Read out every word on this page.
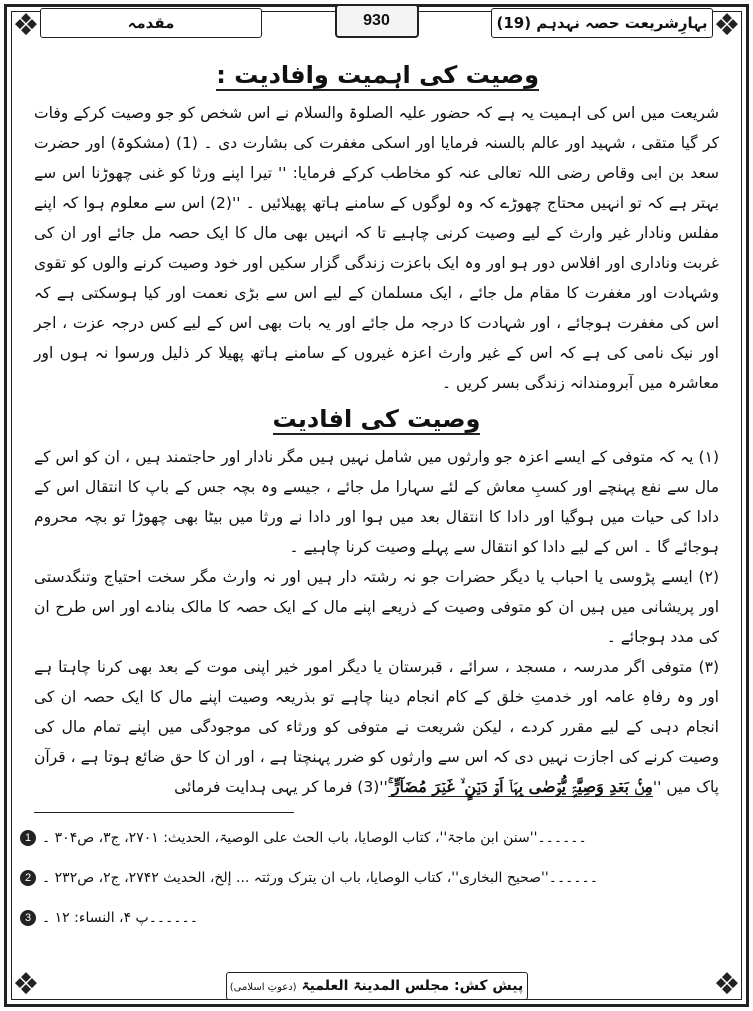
❖	❖
❖	❖
بہارِشریعت حصہ نہدہم (19)
930
مقدمہ
وصیت کی اہمیت وافادیت :

شریعت میں اس کی اہمیت یہ ہے کہ حضور علیہ الصلوۃ والسلام نے اس شخص کو جو وصیت کرکے وفات کر گیا متقی ، شہید اور عالم بالسنہ فرمایا اور اسکی مغفرت کی بشارت دی ۔ (1) (مشکوۃ) اور حضرت سعد بن ابی وقاص رضی اللہ تعالی عنہ کو مخاطب کرکے فرمایا: '' تیرا اپنے ورثا کو غنی چھوڑنا اس سے بہتر ہے کہ تو انہیں محتاج چھوڑے کہ وہ لوگوں کے سامنے ہاتھ پھیلائیں ۔ ''(2) اس سے معلوم ہوا کہ اپنے مفلس ونادار غیر وارث کے لیے وصیت کرنی چاہیے تا کہ انہیں بھی مال کا ایک حصہ مل جائے اور ان کی غربت وناداری اور افلاس دور ہو اور وہ ایک باعزت زندگی گزار سکیں اور خود وصیت کرنے والوں کو تقوی وشہادت اور مغفرت کا مقام مل جائے ، ایک مسلمان کے لیے اس سے بڑی نعمت اور کیا ہوسکتی ہے کہ اس کی مغفرت ہوجائے ، اور شہادت کا درجہ مل جائے اور یہ بات بھی اس کے لیے کس درجہ عزت ، اجر اور نیک نامی کی ہے کہ اس کے غیر وارث اعزہ غیروں کے سامنے ہاتھ پھیلا کر ذلیل ورسوا نہ ہوں اور معاشرہ میں آبرومندانہ زندگی بسر کریں ۔

وصیت کی افادیت

(۱) یہ کہ متوفی کے ایسے اعزہ جو وارثوں میں شامل نہیں ہیں مگر نادار اور حاجتمند ہیں ، ان کو اس کے مال سے نفع پہنچے اور کسبِ معاش کے لئے سہارا مل جائے ، جیسے وہ بچہ جس کے باپ کا انتقال اس کے دادا کی حیات میں ہوگیا اور دادا کا انتقال بعد میں ہوا اور دادا نے ورثا میں بیٹا بھی چھوڑا تو بچہ محروم ہوجائے گا ۔ اس کے لیے دادا کو انتقال سے پہلے وصیت کرنا چاہیے ۔

(۲) ایسے پڑوسی یا احباب یا دیگر حضرات جو نہ رشتہ دار ہیں اور نہ وارث مگر سخت احتیاج وتنگدستی اور پریشانی میں ہیں ان کو متوفی وصیت کے ذریعے اپنے مال کے ایک حصہ کا مالک بنادے اور اس طرح ان کی مدد ہوجائے ۔

(۳) متوفی اگر مدرسہ ، مسجد ، سرائے ، قبرستان یا دیگر امور خیر اپنی موت کے بعد بھی کرنا چاہتا ہے اور وہ رفاہِ عامہ اور خدمتِ خلق کے کام انجام دینا چاہے تو بذریعہ وصیت اپنے مال کا ایک حصہ ان کی انجام دہی کے لیے مقرر کردے ، لیکن شریعت نے متوفی کو ورثاء کی موجودگی میں اپنے تمام مال کی وصیت کرنے کی اجازت نہیں دی کہ اس سے وارثوں کو ضرر پہنچتا ہے ، اور ان کا حق ضائع ہوتا ہے ، قرآن پاک میں ''مِنۡۢ بَعۡدِ وَصِیَّۃٍ یُّوۡصٰی بِہَاۤ اَوۡ دَیۡنٍ ۙ غَیۡرَ مُضَآرٍّ ۚ''(3) فرما کر یہی ہدایت فرمائی

1 ۔۔۔۔۔۔''سنن ابن ماجۃ''، کتاب الوصایا، باب الحث علی الوصیۃ، الحدیث: ۲۷۰۱، ج۳، ص۳۰۴ ۔
2 ۔۔۔۔۔۔''صحیح البخاری''، کتاب الوصایا، باب ان یترک ورثتہ ... إلخ، الحدیث ۲۷۴۲، ج۲، ص۲۳۲ ۔
3 ۔۔۔۔۔۔پ ۴، النساء: ۱۲ ۔
پیش کش: مجلس المدینۃ العلمیۃ (دعوتِ اسلامی)
